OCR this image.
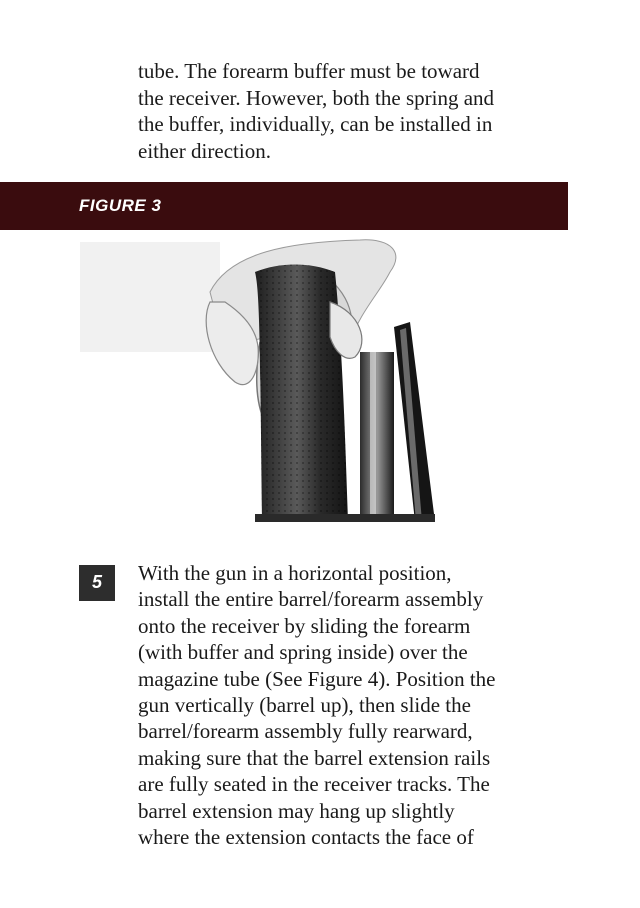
tube. The forearm buffer must be toward
the receiver. However, both the spring and
the buffer, individually, can be installed in
either direction.

FIGURE 3
5	With the gun in a horizontal position,
install the entire barrel/forearm assembly
onto the receiver by sliding the forearm
(with buffer and spring inside) over the
magazine tube (See Figure 4). Position the
gun vertically (barrel up), then slide the
barrel/forearm assembly fully rearward,
making sure that the barrel extension rails
are fully seated in the receiver tracks. The
barrel extension may hang up slightly
where the extension contacts the face of
